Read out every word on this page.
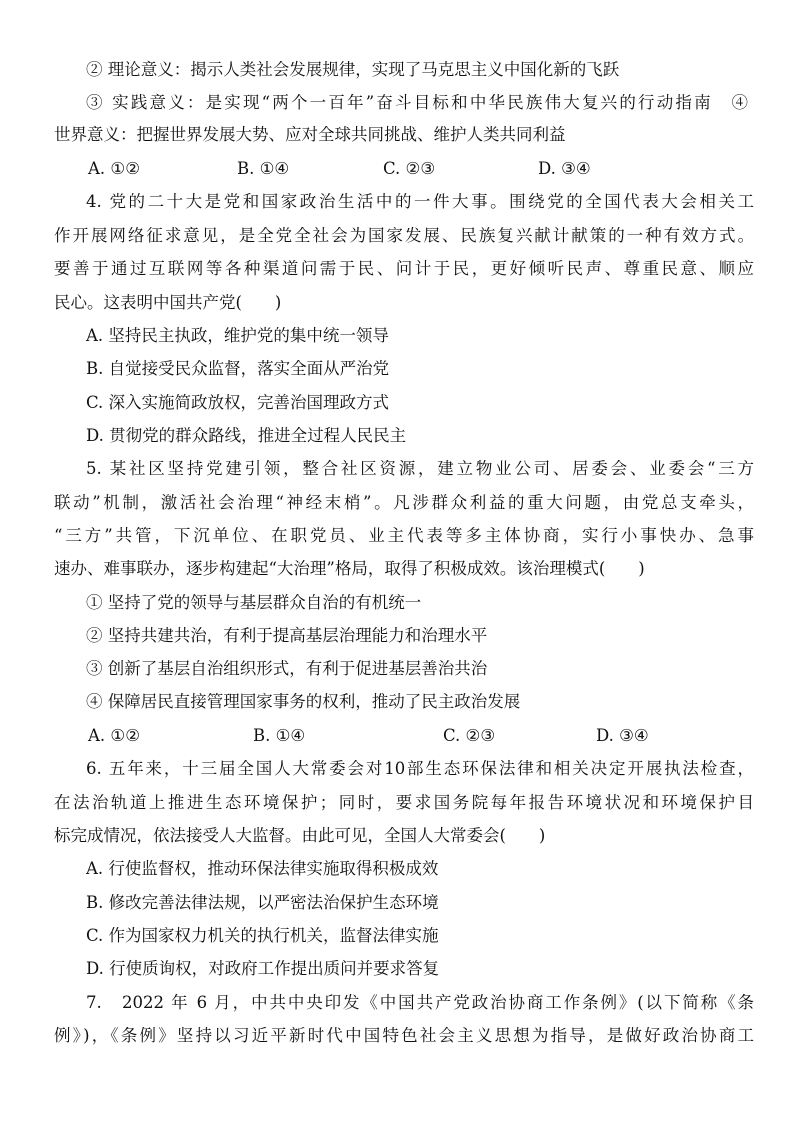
② 理论意义：揭示人类社会发展规律，实现了马克思主义中国化新的飞跃
③ 实践意义：是实现“两个一百年”奋斗目标和中华民族伟大复兴的行动指南　④
世界意义：把握世界发展大势、应对全球共同挑战、维护人类共同利益
A. ①②	B. ①④	C. ②③	D. ③④
4. 党的二十大是党和国家政治生活中的一件大事。围绕党的全国代表大会相关工
作开展网络征求意见，是全党全社会为国家发展、民族复兴献计献策的一种有效方式。
要善于通过互联网等各种渠道问需于民、问计于民，更好倾听民声、尊重民意、顺应
民心。这表明中国共产党(　　)
A. 坚持民主执政，维护党的集中统一领导
B. 自觉接受民众监督，落实全面从严治党
C. 深入实施简政放权，完善治国理政方式
D. 贯彻党的群众路线，推进全过程人民民主
5. 某社区坚持党建引领，整合社区资源，建立物业公司、居委会、业委会“三方
联动”机制，激活社会治理“神经末梢”。凡涉群众利益的重大问题，由党总支牵头，
“三方”共管，下沉单位、在职党员、业主代表等多主体协商，实行小事快办、急事
速办、难事联办，逐步构建起“大治理”格局，取得了积极成效。该治理模式(　　)
① 坚持了党的领导与基层群众自治的有机统一
② 坚持共建共治，有利于提高基层治理能力和治理水平
③ 创新了基层自治组织形式，有利于促进基层善治共治
④ 保障居民直接管理国家事务的权利，推动了民主政治发展
A. ①②	B. ①④	C. ②③	D. ③④
6. 五年来，十三届全国人大常委会对10部生态环保法律和相关决定开展执法检查，
在法治轨道上推进生态环境保护；同时，要求国务院每年报告环境状况和环境保护目
标完成情况，依法接受人大监督。由此可见，全国人大常委会(　　)
A. 行使监督权，推动环保法律实施取得积极成效
B. 修改完善法律法规，以严密法治保护生态环境
C. 作为国家权力机关的执行机关，监督法律实施
D. 行使质询权，对政府工作提出质问并要求答复
7.　2022 年 6 月，中共中央印发《中国共产党政治协商工作条例》(以下简称《条
例》)，《条例》坚持以习近平新时代中国特色社会主义思想为指导，是做好政治协商工
